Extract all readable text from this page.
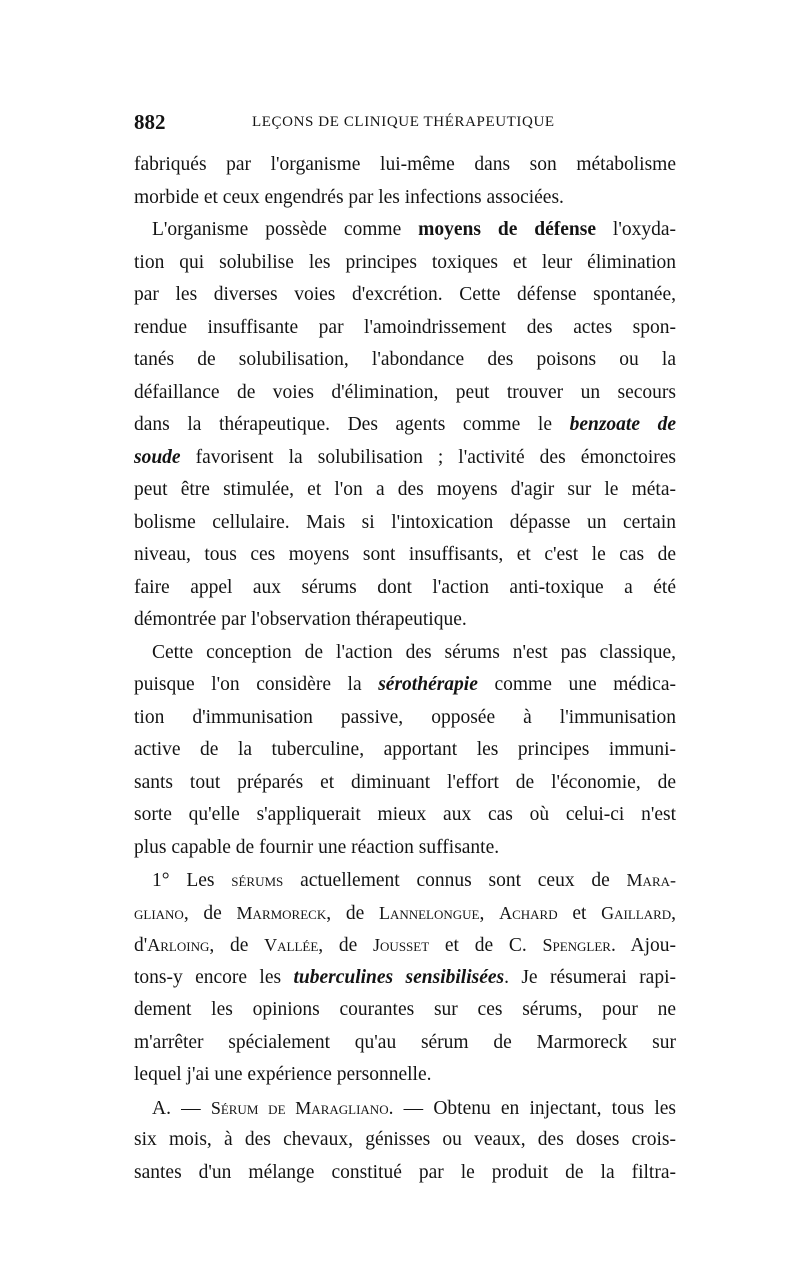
882	LEÇONS DE CLINIQUE THÉRAPEUTIQUE
fabriqués par l'organisme lui-même dans son métabolisme
morbide et ceux engendrés par les infections associées.
L'organisme possède comme moyens de défense l'oxyda-
tion qui solubilise les principes toxiques et leur élimination
par les diverses voies d'excrétion. Cette défense spontanée,
rendue insuffisante par l'amoindrissement des actes spon-
tanés de solubilisation, l'abondance des poisons ou la
défaillance de voies d'élimination, peut trouver un secours
dans la thérapeutique. Des agents comme le benzoate de
soude favorisent la solubilisation ; l'activité des émonctoires
peut être stimulée, et l'on a des moyens d'agir sur le méta-
bolisme cellulaire. Mais si l'intoxication dépasse un certain
niveau, tous ces moyens sont insuffisants, et c'est le cas de
faire appel aux sérums dont l'action anti-toxique a été
démontrée par l'observation thérapeutique.
Cette conception de l'action des sérums n'est pas classique,
puisque l'on considère la sérothérapie comme une médica-
tion d'immunisation passive, opposée à l'immunisation
active de la tuberculine, apportant les principes immuni-
sants tout préparés et diminuant l'effort de l'économie, de
sorte qu'elle s'appliquerait mieux aux cas où celui-ci n'est
plus capable de fournir une réaction suffisante.
1° Les sérums actuellement connus sont ceux de Mara-
gliano, de Marmoreck, de Lannelongue, Achard et Gaillard,
d'Arloing, de Vallée, de Jousset et de C. Spengler. Ajou-
tons-y encore les tuberculines sensibilisées. Je résumerai rapi-
dement les opinions courantes sur ces sérums, pour ne
m'arrêter spécialement qu'au sérum de Marmoreck sur
lequel j'ai une expérience personnelle.
A. — Sérum de Maragliano. — Obtenu en injectant, tous les
six mois, à des chevaux, génisses ou veaux, des doses crois-
santes d'un mélange constitué par le produit de la filtra-
